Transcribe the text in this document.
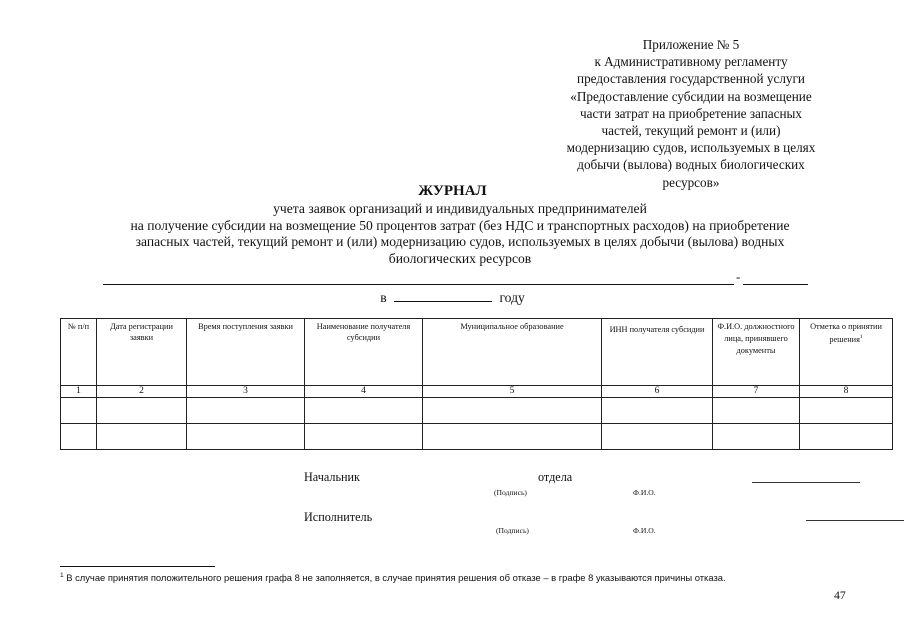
Приложение № 5
к Административному регламенту
предоставления государственной услуги
«Предоставление субсидии на возмещение
части затрат на приобретение запасных
частей, текущий ремонт и (или)
модернизацию судов, используемых в целях
добычи (вылова) водных биологических
ресурсов»
ЖУРНАЛ
учета заявок организаций и индивидуальных предпринимателей
на получение субсидии на возмещение 50 процентов затрат (без НДС и транспортных расходов) на приобретение
запасных частей, текущий ремонт и (или) модернизацию судов, используемых в целях добычи (вылова) водных
биологических ресурсов
-
в	году
№ п/п	Дата регистрации заявки	Время поступления заявки	Наименование получателя субсидии	Муниципальное образование	ИНН получателя субсидии	Ф.И.О. должностного лица, принявшего документы	Отметка о принятии решения$^1$
1	2	3	4	5	6	7	8

Начальник	отдела
(Подпись)	Ф.И.О.
Исполнитель
(Подпись)	Ф.И.О.
$^1$ В случае принятия положительного решения графа 8 не заполняется, в случае принятия решения об отказе – в графе 8 указываются причины отказа.
47
